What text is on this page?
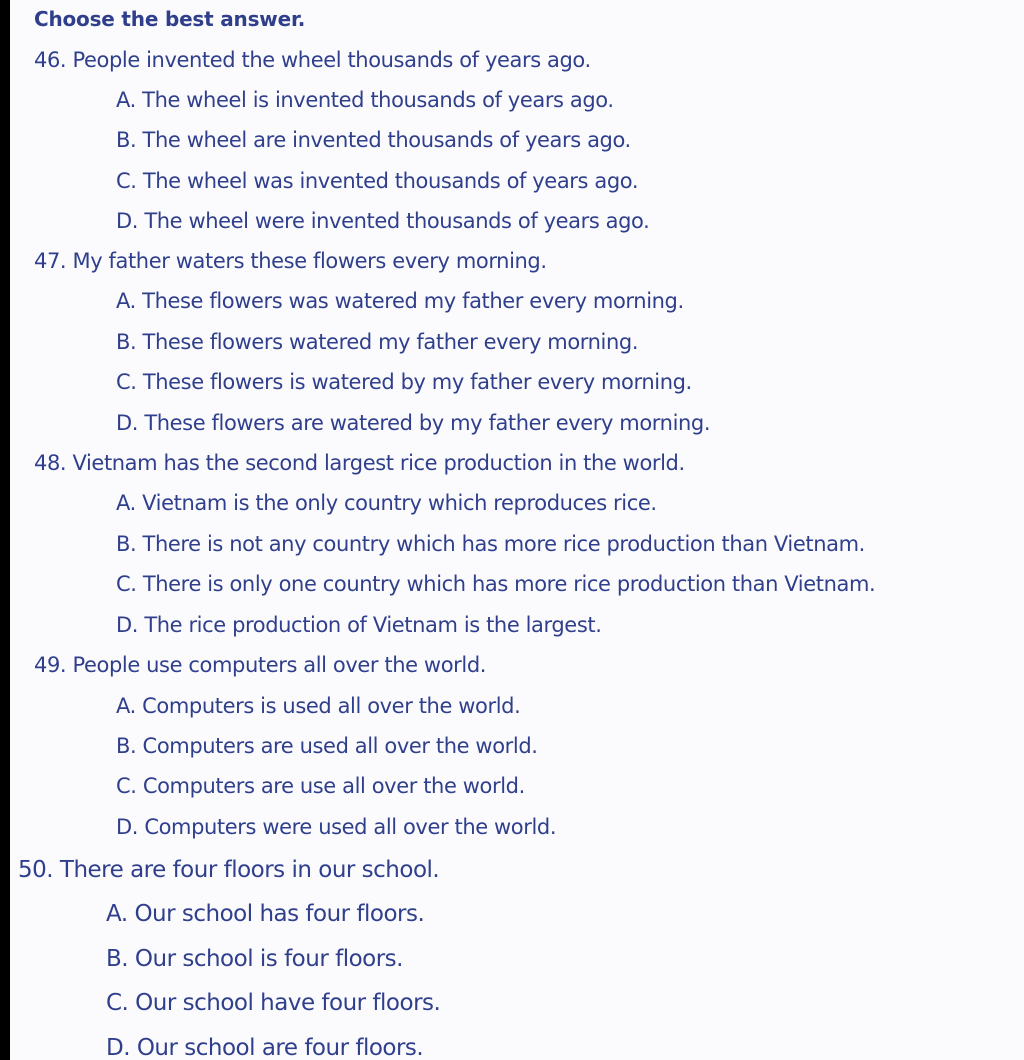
Choose the best answer.
46. People invented the wheel thousands of years ago.
A. The wheel is invented thousands of years ago.
B. The wheel are invented thousands of years ago.
C. The wheel was invented thousands of years ago.
D. The wheel were invented thousands of years ago.
47. My father waters these flowers every morning.
A. These flowers was watered my father every morning.
B. These flowers watered my father every morning.
C. These flowers is watered by my father every morning.
D. These flowers are watered by my father every morning.
48. Vietnam has the second largest rice production in the world.
A. Vietnam is the only country which reproduces rice.
B. There is not any country which has more rice production than Vietnam.
C. There is only one country which has more rice production than Vietnam.
D. The rice production of Vietnam is the largest.
49. People use computers all over the world.
A. Computers is used all over the world.
B. Computers are used all over the world.
C. Computers are use all over the world.
D. Computers were used all over the world.
50. There are four floors in our school.
A. Our school has four floors.
B. Our school is four floors.
C. Our school have four floors.
D. Our school are four floors.
